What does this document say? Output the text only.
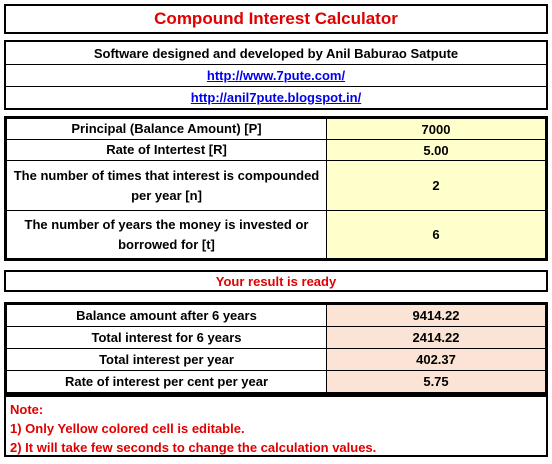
Compound Interest Calculator
Software designed and developed by Anil Baburao Satpute
http://www.7pute.com/
http://anil7pute.blogspot.in/
Principal (Balance Amount) [P]	7000
Rate of Intertest [R]	5.00
The number of times that interest is compounded per year [n]	2
The number of years the money is invested or borrowed for [t]	6
Your result is ready
Balance amount after 6 years	9414.22
Total interest for 6 years	2414.22
Total interest per year	402.37
Rate of interest per cent per year	5.75
Note:
1) Only Yellow colored cell is editable.
2) It will take few seconds to change the calculation values.
